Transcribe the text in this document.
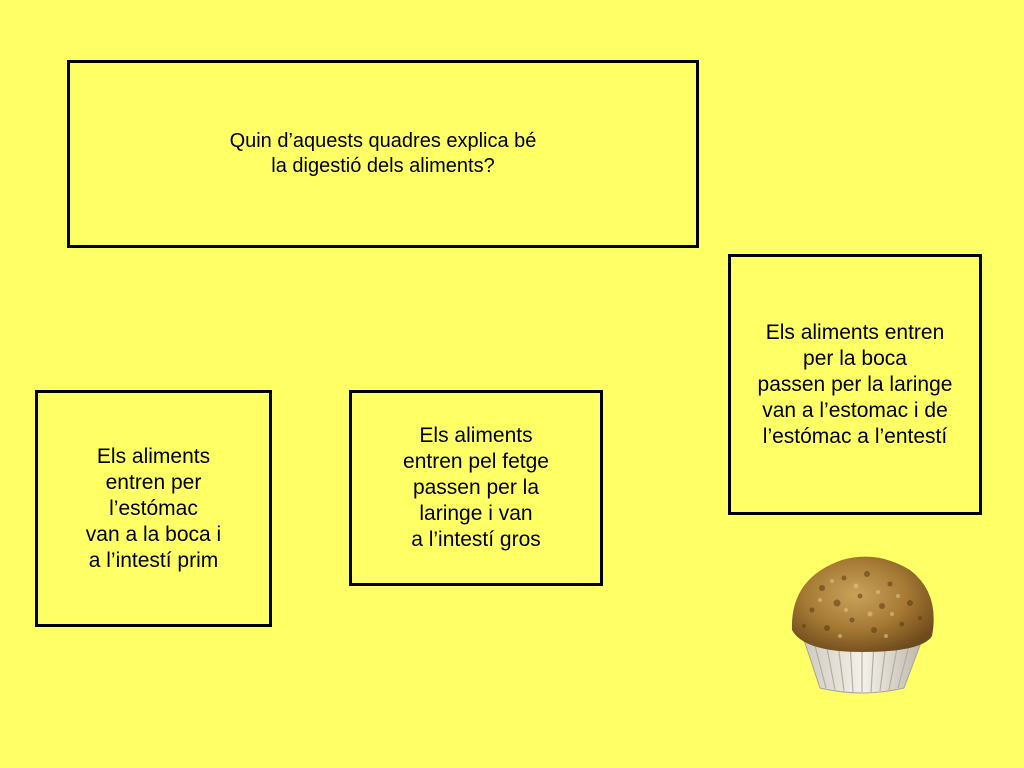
Quin d’aquests quadres explica bé
la digestió dels aliments?
Els aliments
entren per
l’estómac
van a la boca i
a l’intestí prim
Els aliments
entren pel fetge
passen per la
laringe i van
a l’intestí gros
Els aliments entren
per la boca
passen per la laringe
van a l’estomac i de
l’estómac a l’entestí
